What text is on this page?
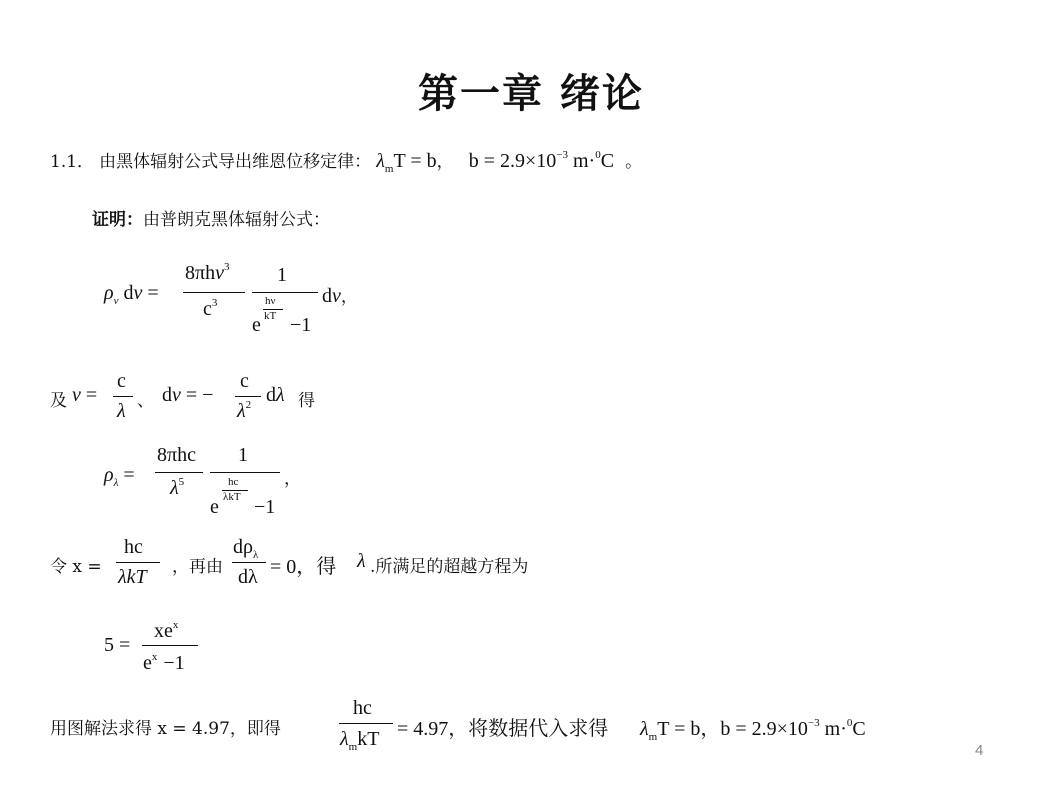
第一章 绪论
1.1． 由黑体辐射公式导出维恩位移定律： $\lambda_mT = b$， $b = 2.9\times 10^{-3}$ m·$^0$C 。
证明：由普朗克黑体辐射公式：
$\rho_\nu$ dν =
8πhν$^3$
$c^3$
1
hν
kT
e −1
dν，
及 ν =
c
λ 、 dν = −
c
$\lambda^2$ dλ 得
$\rho_\lambda$ =
8πhc
$\lambda^5$
1
hc
λkT
e −1
，
令 x =
hc
λkT ，再由
$d\rho_\lambda$
dλ = 0，得 λ .所满足的超越方程为
5 =
$xe^x$
$e^x -1$
用图解法求得 x = 4.97，即得
hc
$\lambda_mkT = 4.97$，将数据代入求得 $\lambda_mT = b$，$b = 2.9\times 10^{-3}$ m·$^0$C
4
